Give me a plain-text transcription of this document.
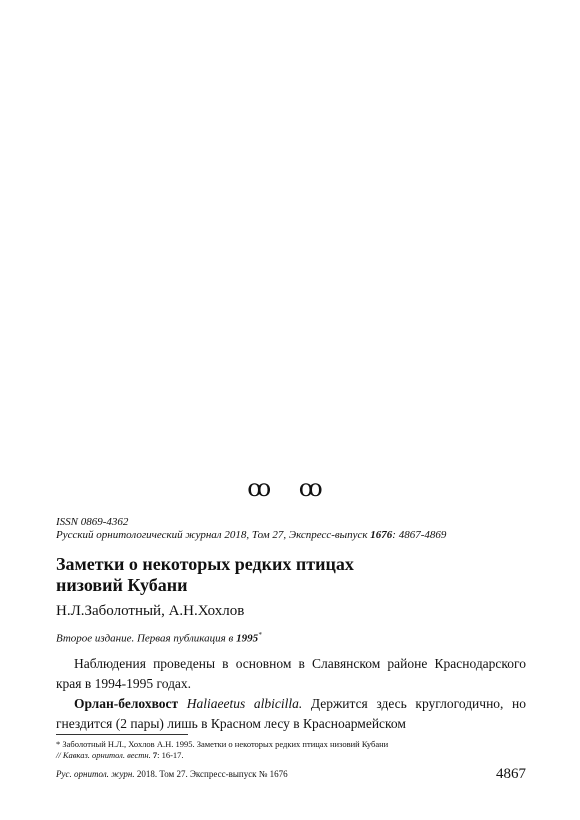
ꝏ ꝏ
ISSN 0869-4362
Русский орнитологический журнал 2018, Том 27, Экспресс-выпуск 1676: 4867-4869
Заметки о некоторых редких птицах
низовий Кубани
Н.Л.Заболотный, А.Н.Хохлов
Второе издание. Первая публикация в 1995*

Наблюдения проведены в основном в Славянском районе Краснодарского края в 1994-1995 годах.

Орлан-белохвост Haliaeetus albicilla. Держится здесь круглогодично, но гнездится (2 пары) лишь в Красном лесу в Красноармейском

* Заболотный Н.Л., Хохлов А.Н. 1995. Заметки о некоторых редких птицах низовий Кубани
// Кавказ. орнитол. вестн. 7: 16-17.
Рус. орнитол. журн. 2018. Том 27. Экспресс-выпуск № 1676	4867
